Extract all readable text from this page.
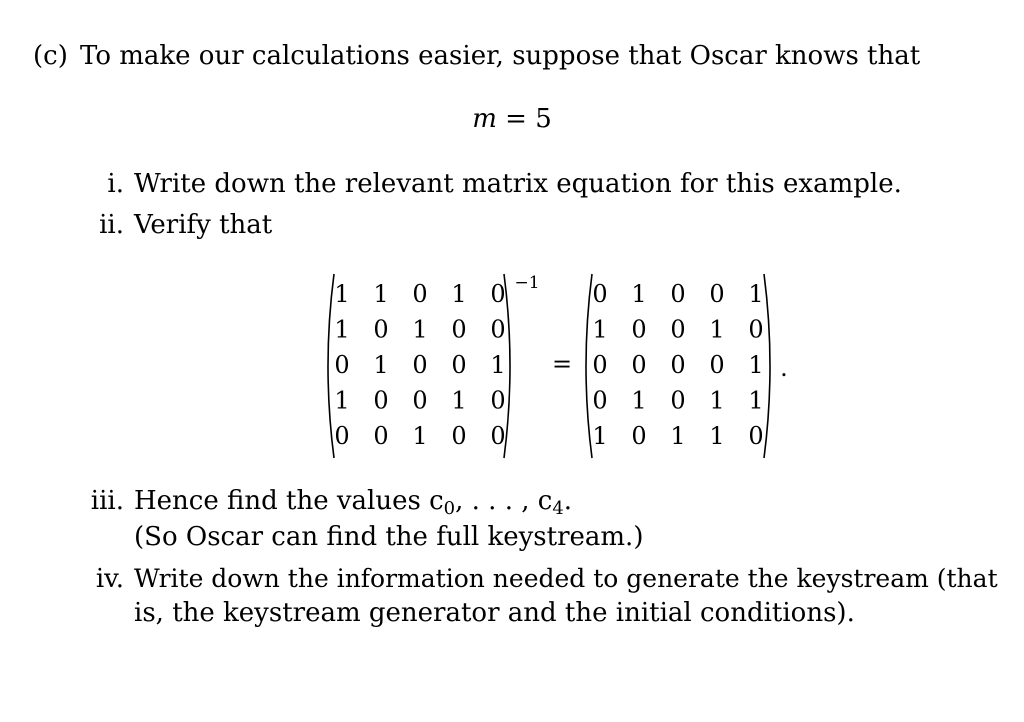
(c) To make our calculations easier, suppose that Oscar knows that
m = 5
i. Write down the relevant matrix equation for this example.
ii. Verify that
1 1 0 1 0
1 0 1 0 0
0 1 0 0 1
1 0 0 1 0
0 0 1 0 0
−1
=
0 1 0 0 1
1 0 0 1 0
0 0 0 0 1
0 1 0 1 1
1 0 1 1 0
.
iii. Hence find the values $c_0$, . . . , $c_4$.
(So Oscar can find the full keystream.)
iv. Write down the information needed to generate the keystream (that
is, the keystream generator and the initial conditions).
